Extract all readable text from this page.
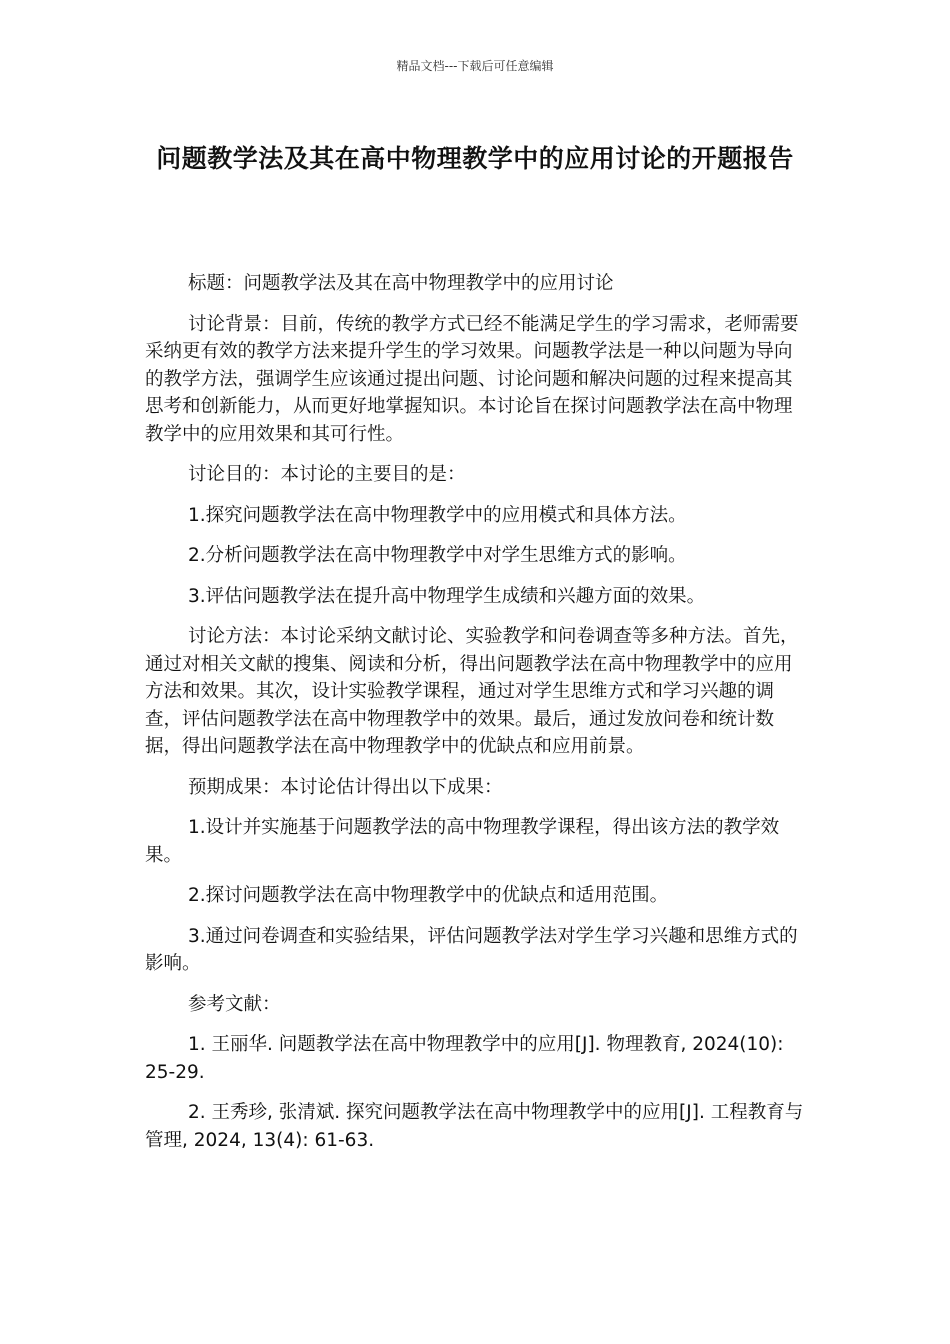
精品文档---下载后可任意编辑
问题教学法及其在高中物理教学中的应用讨论的开题报告

标题：问题教学法及其在高中物理教学中的应用讨论

讨论背景：目前，传统的教学方式已经不能满足学生的学习需求，老师需要采纳更有效的教学方法来提升学生的学习效果。问题教学法是一种以问题为导向的教学方法，强调学生应该通过提出问题、讨论问题和解决问题的过程来提高其思考和创新能力，从而更好地掌握知识。本讨论旨在探讨问题教学法在高中物理教学中的应用效果和其可行性。

讨论目的：本讨论的主要目的是：

1.探究问题教学法在高中物理教学中的应用模式和具体方法。

2.分析问题教学法在高中物理教学中对学生思维方式的影响。

3.评估问题教学法在提升高中物理学生成绩和兴趣方面的效果。

讨论方法：本讨论采纳文献讨论、实验教学和问卷调查等多种方法。首先，通过对相关文献的搜集、阅读和分析，得出问题教学法在高中物理教学中的应用方法和效果。其次，设计实验教学课程，通过对学生思维方式和学习兴趣的调查，评估问题教学法在高中物理教学中的效果。最后，通过发放问卷和统计数据，得出问题教学法在高中物理教学中的优缺点和应用前景。

预期成果：本讨论估计得出以下成果：

1.设计并实施基于问题教学法的高中物理教学课程，得出该方法的教学效果。

2.探讨问题教学法在高中物理教学中的优缺点和适用范围。

3.通过问卷调查和实验结果，评估问题教学法对学生学习兴趣和思维方式的影响。

参考文献：

1. 王丽华. 问题教学法在高中物理教学中的应用[J]. 物理教育, 2024(10): 25-29.

2. 王秀珍, 张清斌. 探究问题教学法在高中物理教学中的应用[J]. 工程教育与管理, 2024, 13(4): 61-63.
